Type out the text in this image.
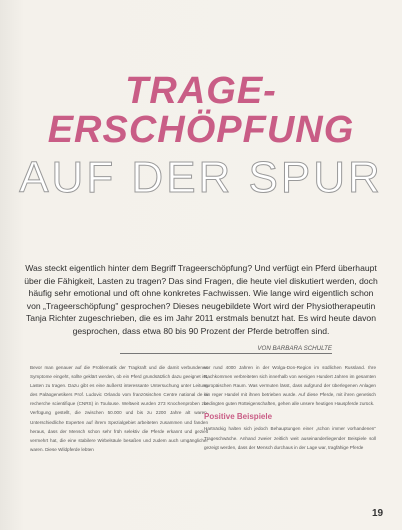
TRAGE-
ERSCHÖPFUNG
AUF DER SPUR
Was steckt eigentlich hinter dem Begriff Trageerschöpfung? Und verfügt ein Pferd überhaupt über die Fähigkeit, Lasten zu tragen? Das sind Fragen, die heute viel diskutiert werden, doch häufig sehr emotional und oft ohne konkretes Fachwissen. Wie lange wird eigentlich schon von „Trageerschöpfung" gesprochen? Dieses neugebildete Wort wird der Physiotherapeutin Tanja Richter zugeschrieben, die es im Jahr 2011 erstmals benutzt hat. Es wird heute davon gesprochen, dass etwa 80 bis 90 Prozent der Pferde betroffen sind.
VON BARBARA SCHULTE

Bevor man genauer auf die Problematik der Tragkraft und die damit verbundenen Symptome eingeht, sollte geklärt werden, ob ein Pferd grundsätzlich dazu geeignet ist, Lasten zu tragen. Dazu gibt es eine äußerst interessante Untersuchung unter Leitung des Paläogenetikers Prof. Ludovic Orlando vom französischen Centre national de la recherche scientifique (CNRS) in Toulouse. Weltweit wurden 273 Knochenproben zur Verfügung gestellt, die zwischen 50.000 und bis zu 2200 Jahre alt waren. Unterschiedliche Experten auf ihrem Spezialgebiet arbeiteten zusammen und fanden heraus, dass der Mensch schon sehr früh selektiv die Pferde erkannt und gezielt vermehrt hat, die eine stabilere Wirbelsäule besaßen und zudem auch umgänglicher waren. Diese Wildpferde lebten

vor rund 4000 Jahren in der Wolga-Don-Region im südlichen Russland. Ihre Nachkommen verbreiteten sich innerhalb von wenigen Hundert Jahren im gesamten europäischen Raum. Was vermuten lässt, dass aufgrund der überlegenen Anlagen ein reger Handel mit ihnen betrieben wurde. Auf diese Pferde, mit ihren genetisch bedingten guten Rotteigenschaften, gehen alle unsere heutigen Hauspferde zurück.

Positive Beispiele

Hartnäckig halten sich jedoch Behauptungen einer „schon immer vorhandenen" Trageschwäche. Anhand zweier zeitlich weit auseinanderliegender Beispiele soll gezeigt werden, dass der Mensch durchaus in der Lage war, tragfähige Pferde

19
